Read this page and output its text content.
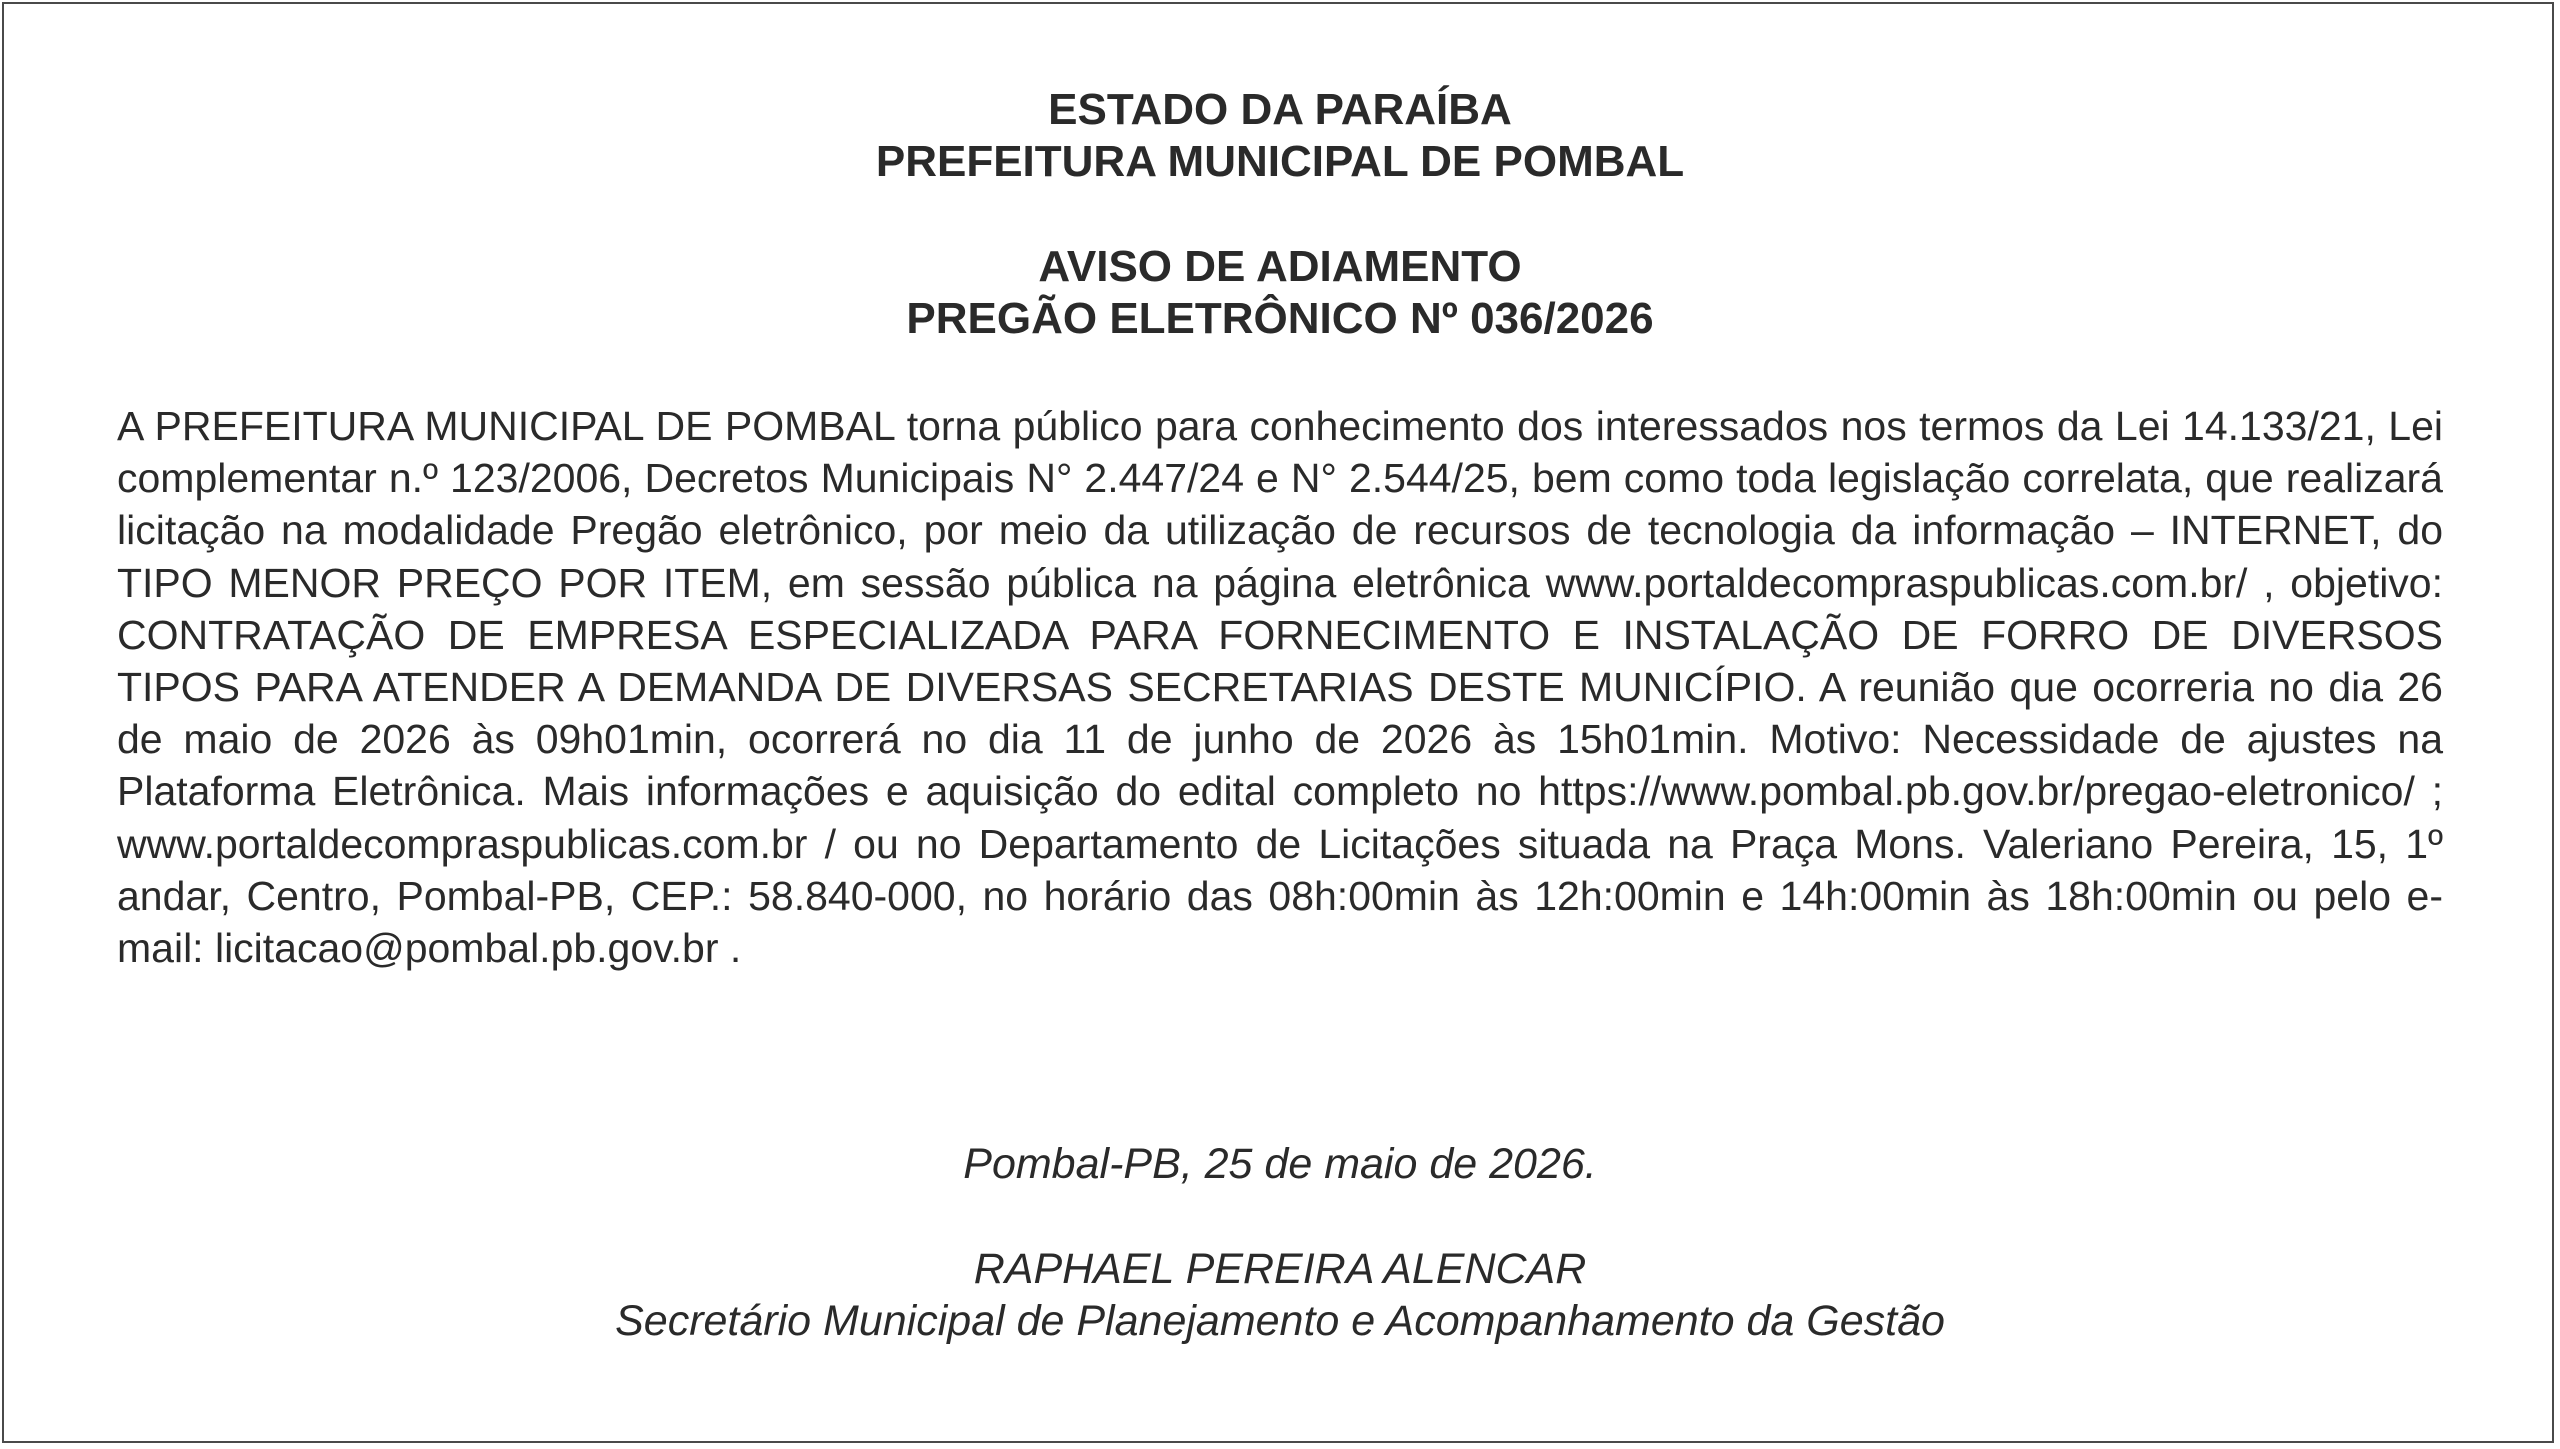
ESTADO DA PARAÍBA
PREFEITURA MUNICIPAL DE POMBAL
AVISO DE ADIAMENTO
PREGÃO ELETRÔNICO Nº 036/2026
A PREFEITURA MUNICIPAL DE POMBAL torna público para conhecimento dos interessados nos termos da Lei 14.133/21, Lei complementar n.º 123/2006, Decretos Municipais N° 2.447/24 e N° 2.544/25, bem como toda legislação correlata, que realizará licitação na modalidade Pregão eletrônico, por meio da utilização de recursos de tecnologia da informação – INTERNET, do TIPO MENOR PREÇO POR ITEM, em sessão pública na página eletrônica www.portaldecompraspublicas.com.br/ , objetivo: CONTRATAÇÃO DE EMPRESA ESPECIALIZADA PARA FORNECIMENTO E INSTALAÇÃO DE FORRO DE DIVERSOS TIPOS PARA ATENDER A DEMANDA DE DIVERSAS SECRETARIAS DESTE MUNICÍPIO. A reunião que ocorreria no dia 26 de maio de 2026 às 09h01min, ocorrerá no dia 11 de junho de 2026 às 15h01min. Motivo: Necessidade de ajustes na Plataforma Eletrônica. Mais informações e aquisição do edital completo no https://www.pombal.pb.gov.br/pregao-eletronico/ ; www.portaldecompraspublicas.com.br / ou no Departamento de Licitações situada na Praça Mons. Valeriano Pereira, 15, 1º andar, Centro, Pombal-PB, CEP.: 58.840-000, no horário das 08h:00min às 12h:00min e 14h:00min às 18h:00min ou pelo e-mail: licitacao@pombal.pb.gov.br .
Pombal-PB, 25 de maio de 2026.
RAPHAEL PEREIRA ALENCAR
Secretário Municipal de Planejamento e Acompanhamento da Gestão
